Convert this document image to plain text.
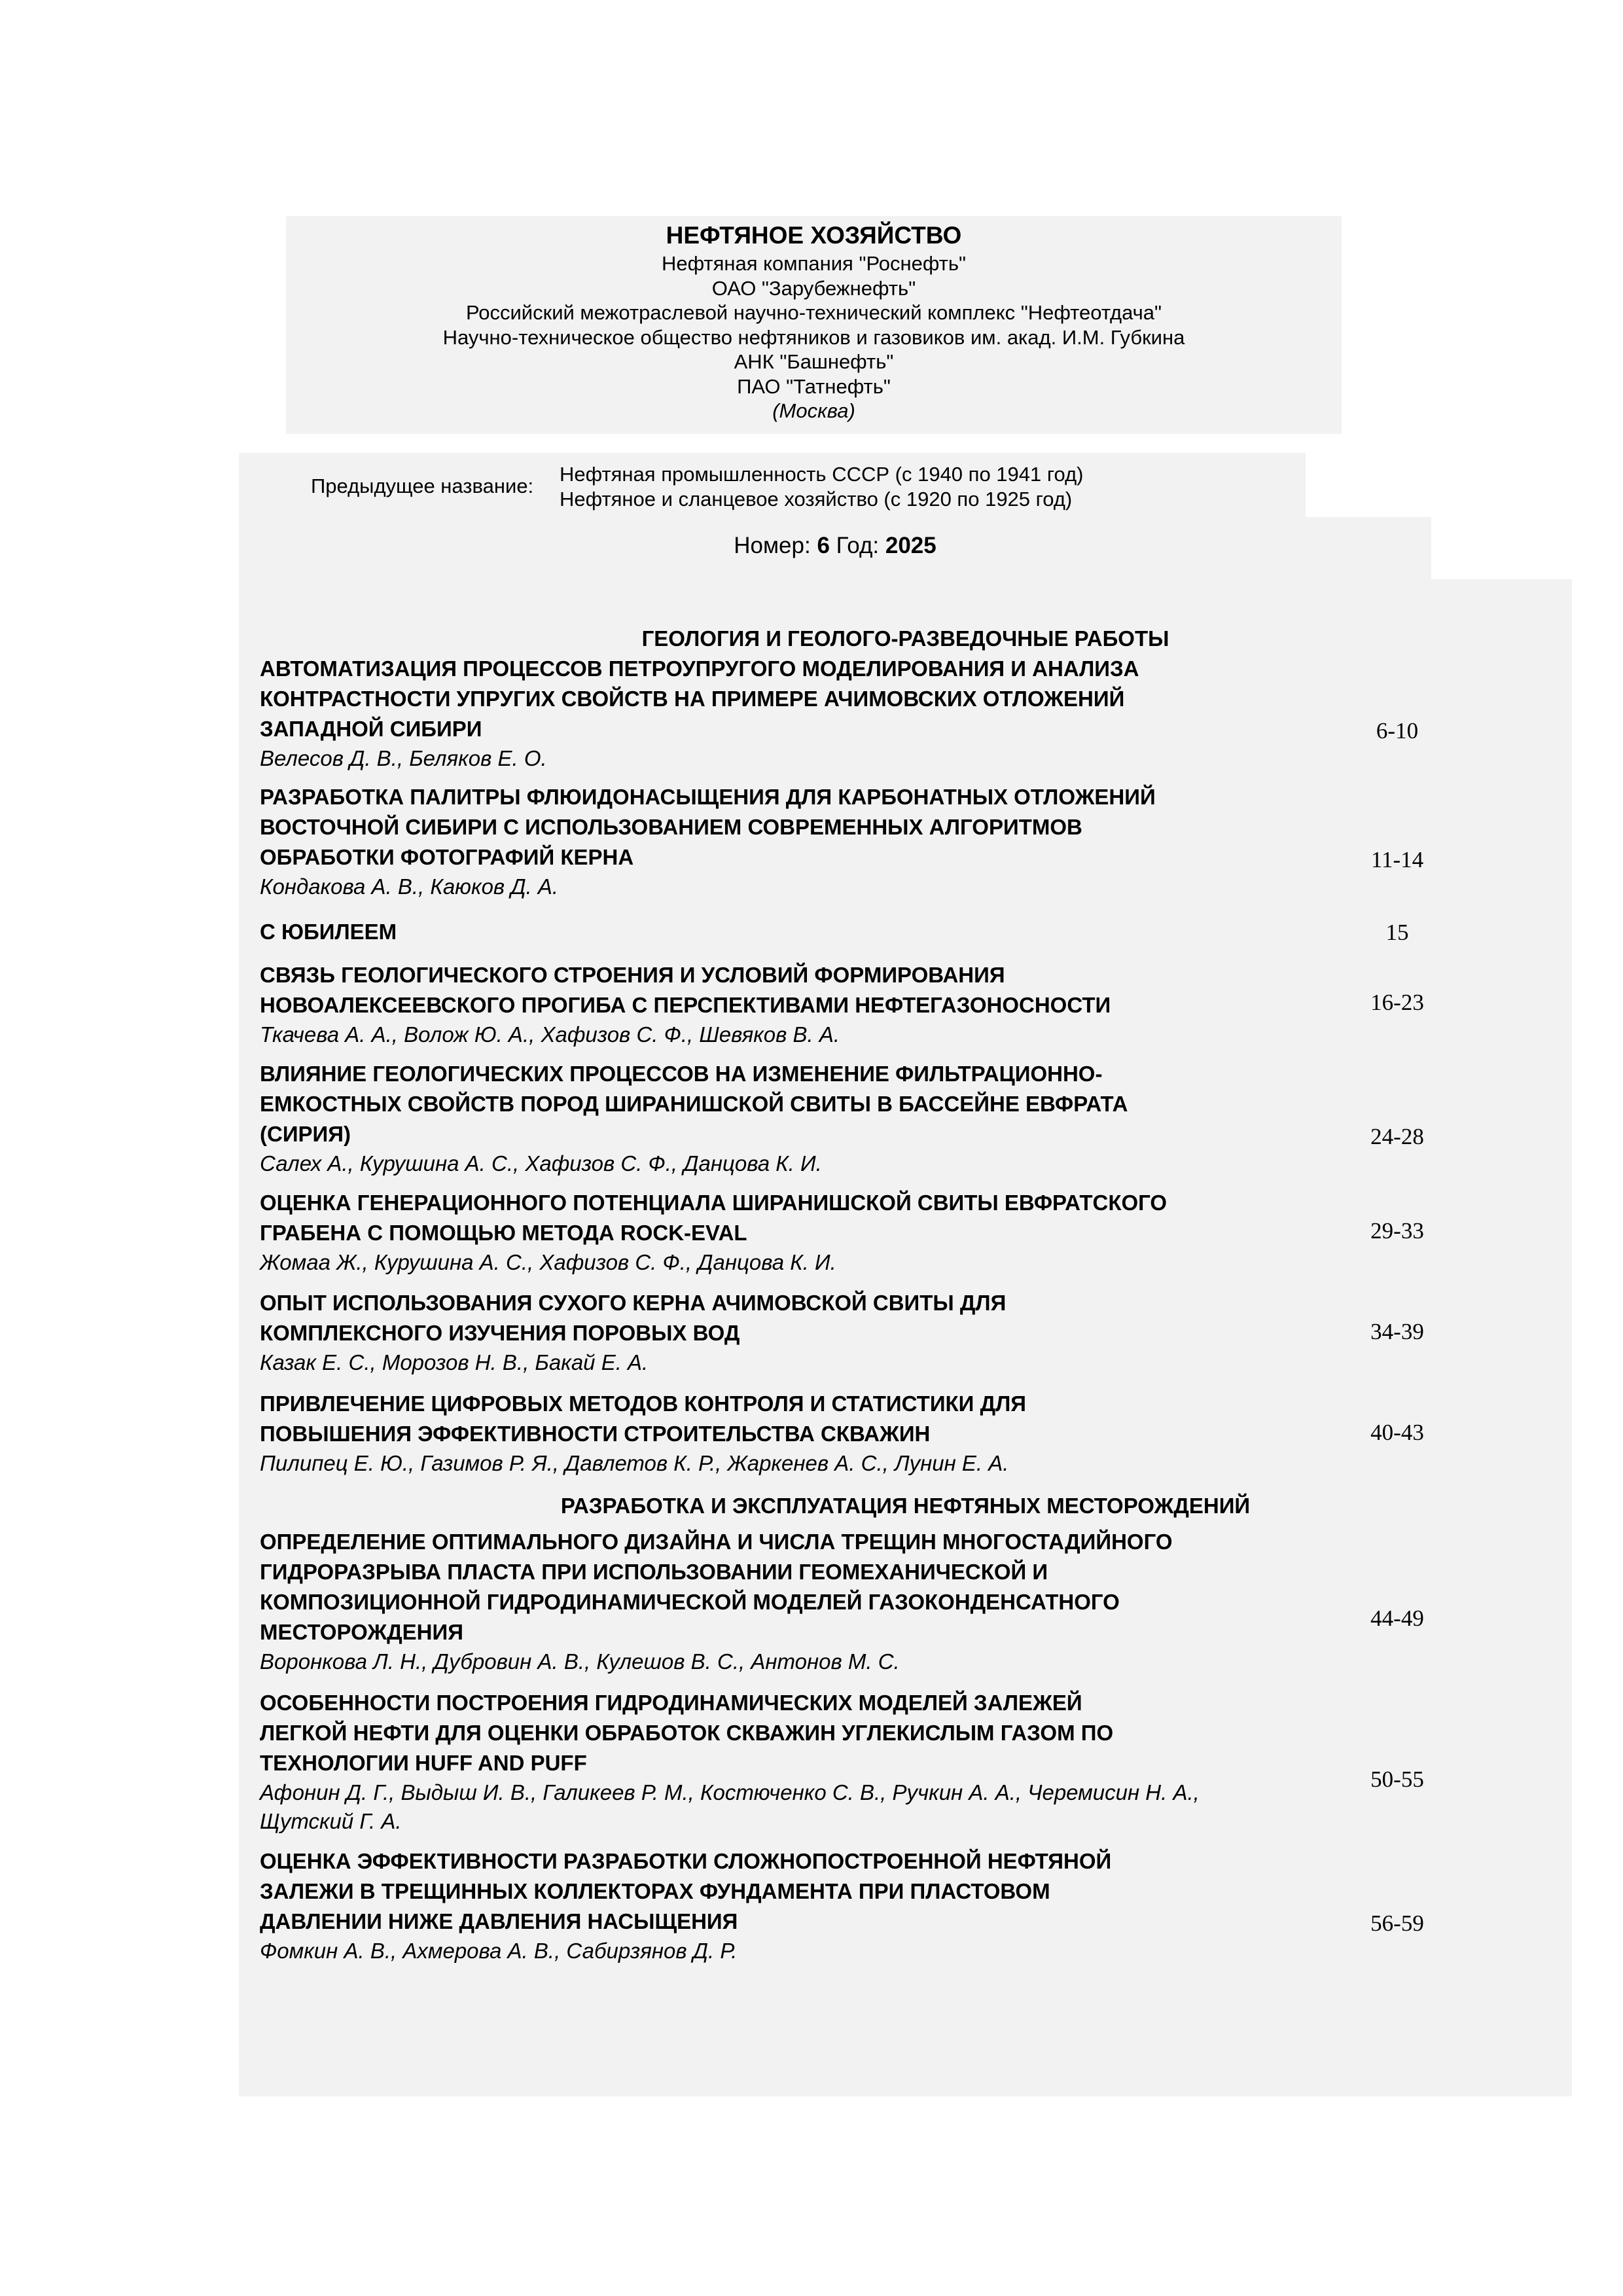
НЕФТЯНОЕ ХОЗЯЙСТВО
Нефтяная компания "Роснефть"
ОАО "Зарубежнефть"
Российский межотраслевой научно-технический комплекс "Нефтеотдача"
Научно-техническое общество нефтяников и газовиков им. акад. И.М. Губкина
АНК "Башнефть"
ПАО "Татнефть"
(Москва)
Предыдущее название:
Нефтяная промышленность СССР (с 1940 по 1941 год)
Нефтяное и сланцевое хозяйство (с 1920 по 1925 год)
Номер: 6 Год: 2025
ГЕОЛОГИЯ И ГЕОЛОГО-РАЗВЕДОЧНЫЕ РАБОТЫ
АВТОМАТИЗАЦИЯ ПРОЦЕССОВ ПЕТРОУПРУГОГО МОДЕЛИРОВАНИЯ И АНАЛИЗА
КОНТРАСТНОСТИ УПРУГИХ СВОЙСТВ НА ПРИМЕРЕ АЧИМОВСКИХ ОТЛОЖЕНИЙ
ЗАПАДНОЙ СИБИРИ
Велесов Д. В., Беляков Е. О.
6-10
РАЗРАБОТКА ПАЛИТРЫ ФЛЮИДОНАСЫЩЕНИЯ ДЛЯ КАРБОНАТНЫХ ОТЛОЖЕНИЙ
ВОСТОЧНОЙ СИБИРИ С ИСПОЛЬЗОВАНИЕМ СОВРЕМЕННЫХ АЛГОРИТМОВ
ОБРАБОТКИ ФОТОГРАФИЙ КЕРНА
Кондакова А. В., Каюков Д. А.
11-14
С ЮБИЛЕЕМ	15
СВЯЗЬ ГЕОЛОГИЧЕСКОГО СТРОЕНИЯ И УСЛОВИЙ ФОРМИРОВАНИЯ
НОВОАЛЕКСЕЕВСКОГО ПРОГИБА С ПЕРСПЕКТИВАМИ НЕФТЕГАЗОНОСНОСТИ
Ткачева А. А., Волож Ю. А., Хафизов С. Ф., Шевяков В. А.
16-23
ВЛИЯНИЕ ГЕОЛОГИЧЕСКИХ ПРОЦЕССОВ НА ИЗМЕНЕНИЕ ФИЛЬТРАЦИОННО-
ЕМКОСТНЫХ СВОЙСТВ ПОРОД ШИРАНИШСКОЙ СВИТЫ В БАССЕЙНЕ ЕВФРАТА
(СИРИЯ)
Салех А., Курушина А. С., Хафизов С. Ф., Данцова К. И.
24-28
ОЦЕНКА ГЕНЕРАЦИОННОГО ПОТЕНЦИАЛА ШИРАНИШСКОЙ СВИТЫ ЕВФРАТСКОГО
ГРАБЕНА С ПОМОЩЬЮ МЕТОДА ROCK-EVAL
Жомаа Ж., Курушина А. С., Хафизов С. Ф., Данцова К. И.
29-33
ОПЫТ ИСПОЛЬЗОВАНИЯ СУХОГО КЕРНА АЧИМОВСКОЙ СВИТЫ ДЛЯ
КОМПЛЕКСНОГО ИЗУЧЕНИЯ ПОРОВЫХ ВОД
Казак Е. С., Морозов Н. В., Бакай Е. А.
34-39
ПРИВЛЕЧЕНИЕ ЦИФРОВЫХ МЕТОДОВ КОНТРОЛЯ И СТАТИСТИКИ ДЛЯ
ПОВЫШЕНИЯ ЭФФЕКТИВНОСТИ СТРОИТЕЛЬСТВА СКВАЖИН
Пилипец Е. Ю., Газимов Р. Я., Давлетов К. Р., Жаркенев А. С., Лунин Е. А.
40-43
РАЗРАБОТКА И ЭКСПЛУАТАЦИЯ НЕФТЯНЫХ МЕСТОРОЖДЕНИЙ
ОПРЕДЕЛЕНИЕ ОПТИМАЛЬНОГО ДИЗАЙНА И ЧИСЛА ТРЕЩИН МНОГОСТАДИЙНОГО
ГИДРОРАЗРЫВА ПЛАСТА ПРИ ИСПОЛЬЗОВАНИИ ГЕОМЕХАНИЧЕСКОЙ И
КОМПОЗИЦИОННОЙ ГИДРОДИНАМИЧЕСКОЙ МОДЕЛЕЙ ГАЗОКОНДЕНСАТНОГО
МЕСТОРОЖДЕНИЯ
Воронкова Л. Н., Дубровин А. В., Кулешов В. С., Антонов М. С.
44-49
ОСОБЕННОСТИ ПОСТРОЕНИЯ ГИДРОДИНАМИЧЕСКИХ МОДЕЛЕЙ ЗАЛЕЖЕЙ
ЛЕГКОЙ НЕФТИ ДЛЯ ОЦЕНКИ ОБРАБОТОК СКВАЖИН УГЛЕКИСЛЫМ ГАЗОМ ПО
ТЕХНОЛОГИИ HUFF AND PUFF
Афонин Д. Г., Выдыш И. В., Галикеев Р. М., Костюченко С. В., Ручкин А. А., Черемисин Н. А.,
Щутский Г. А.
50-55
ОЦЕНКА ЭФФЕКТИВНОСТИ РАЗРАБОТКИ СЛОЖНОПОСТРОЕННОЙ НЕФТЯНОЙ
ЗАЛЕЖИ В ТРЕЩИННЫХ КОЛЛЕКТОРАХ ФУНДАМЕНТА ПРИ ПЛАСТОВОМ
ДАВЛЕНИИ НИЖЕ ДАВЛЕНИЯ НАСЫЩЕНИЯ
Фомкин А. В., Ахмерова А. В., Сабирзянов Д. Р.
56-59
